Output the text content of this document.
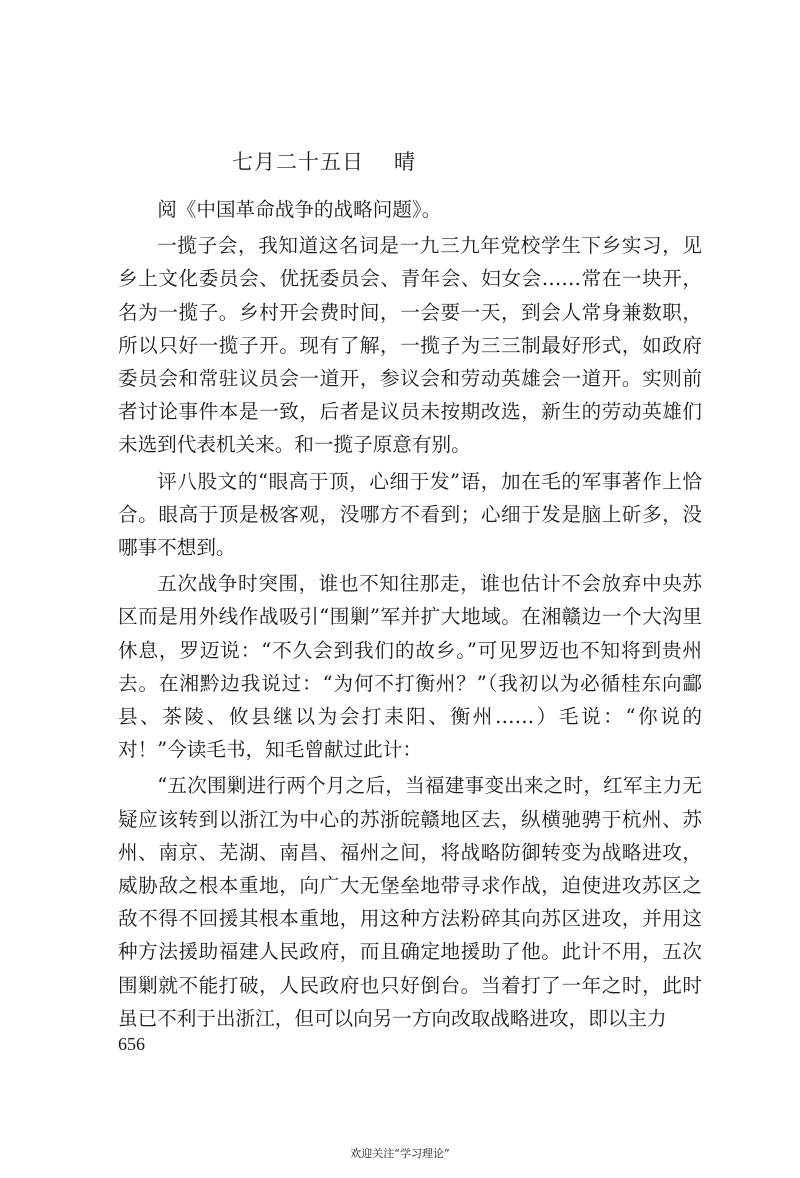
七月二十五日 晴

阅《中国革命战争的战略问题》。

一揽子会，我知道这名词是一九三九年党校学生下乡实习，见乡上文化委员会、优抚委员会、青年会、妇女会……常在一块开，名为一揽子。乡村开会费时间，一会要一天，到会人常身兼数职，所以只好一揽子开。现有了解，一揽子为三三制最好形式，如政府委员会和常驻议员会一道开，参议会和劳动英雄会一道开。实则前者讨论事件本是一致，后者是议员未按期改选，新生的劳动英雄们未选到代表机关来。和一揽子原意有别。

评八股文的“眼高于顶，心细于发”语，加在毛的军事著作上恰合。眼高于顶是极客观，没哪方不看到；心细于发是脑上斫多，没哪事不想到。

五次战争时突围，谁也不知往那走，谁也估计不会放弃中央苏区而是用外线作战吸引“围剿”军并扩大地域。在湘赣边一个大沟里休息，罗迈说：“不久会到我们的故乡。”可见罗迈也不知将到贵州去。在湘黔边我说过：“为何不打衡州？”（我初以为必循桂东向酃县、茶陵、攸县继以为会打耒阳、衡州……）毛说：“你说的对！”今读毛书，知毛曾献过此计：

“五次围剿进行两个月之后，当福建事变出来之时，红军主力无疑应该转到以浙江为中心的苏浙皖赣地区去，纵横驰骋于杭州、苏州、南京、芜湖、南昌、福州之间，将战略防御转变为战略进攻，威胁敌之根本重地，向广大无堡垒地带寻求作战，迫使进攻苏区之敌不得不回援其根本重地，用这种方法粉碎其向苏区进攻，并用这种方法援助福建人民政府，而且确定地援助了他。此计不用，五次围剿就不能打破，人民政府也只好倒台。当着打了一年之时，此时虽已不利于出浙江，但可以向另一方向改取战略进攻，即以主力

656
欢迎关注“学习理论”
